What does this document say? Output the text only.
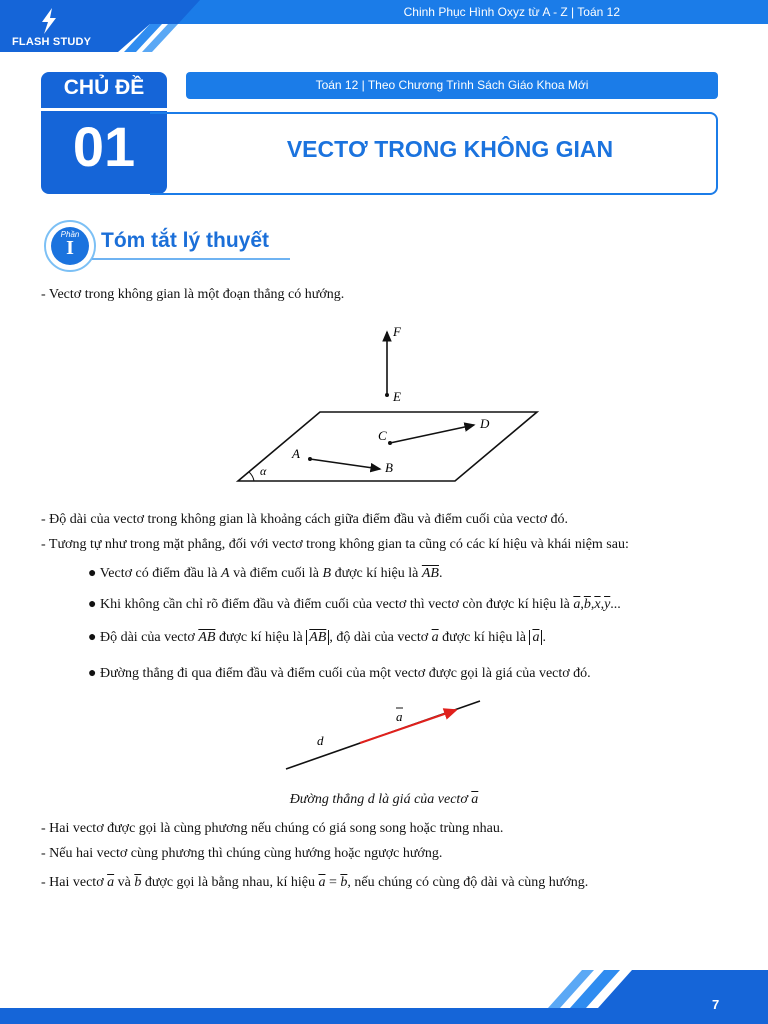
FLASH STUDY
Chinh Phục Hình Oxyz từ A - Z | Toán 12
CHỦ ĐỀ
01
Toán 12 | Theo Chương Trình Sách Giáo Khoa Mới
VECTƠ TRONG KHÔNG GIAN
Phần
I	Tóm tắt lý thuyết
- Vectơ trong không gian là một đoạn thẳng có hướng.
F
E
C
D
A
B
α
- Độ dài của vectơ trong không gian là khoảng cách giữa điểm đầu và điểm cuối của vectơ đó.
- Tương tự như trong mặt phẳng, đối với vectơ trong không gian ta cũng có các kí hiệu và khái niệm sau:
● Vectơ có điểm đầu là A và điểm cuối là B được kí hiệu là $\overline{AB}$.
● Khi không cần chỉ rõ điểm đầu và điểm cuối của vectơ thì vectơ còn được kí hiệu là $\overline{a},\overline{b},\overline{x},\overline{y}$...
● Độ dài của vectơ $\overline{AB}$ được kí hiệu là $\overline{AB}$ , độ dài của vectơ $\overline{a}$ được kí hiệu là $\overline{a}$ .
● Đường thẳng đi qua điểm đầu và điểm cuối của một vectơ được gọi là giá của vectơ đó.
d
a
Đường thẳng d là giá của vectơ $\overline{a}$
- Hai vectơ được gọi là cùng phương nếu chúng có giá song song hoặc trùng nhau.
- Nếu hai vectơ cùng phương thì chúng cùng hướng hoặc ngược hướng.
- Hai vectơ $\overline{a}$ và $\overline{b}$ được gọi là bằng nhau, kí hiệu $\overline{a} = \overline{b}$, nếu chúng có cùng độ dài và cùng hướng.
7
